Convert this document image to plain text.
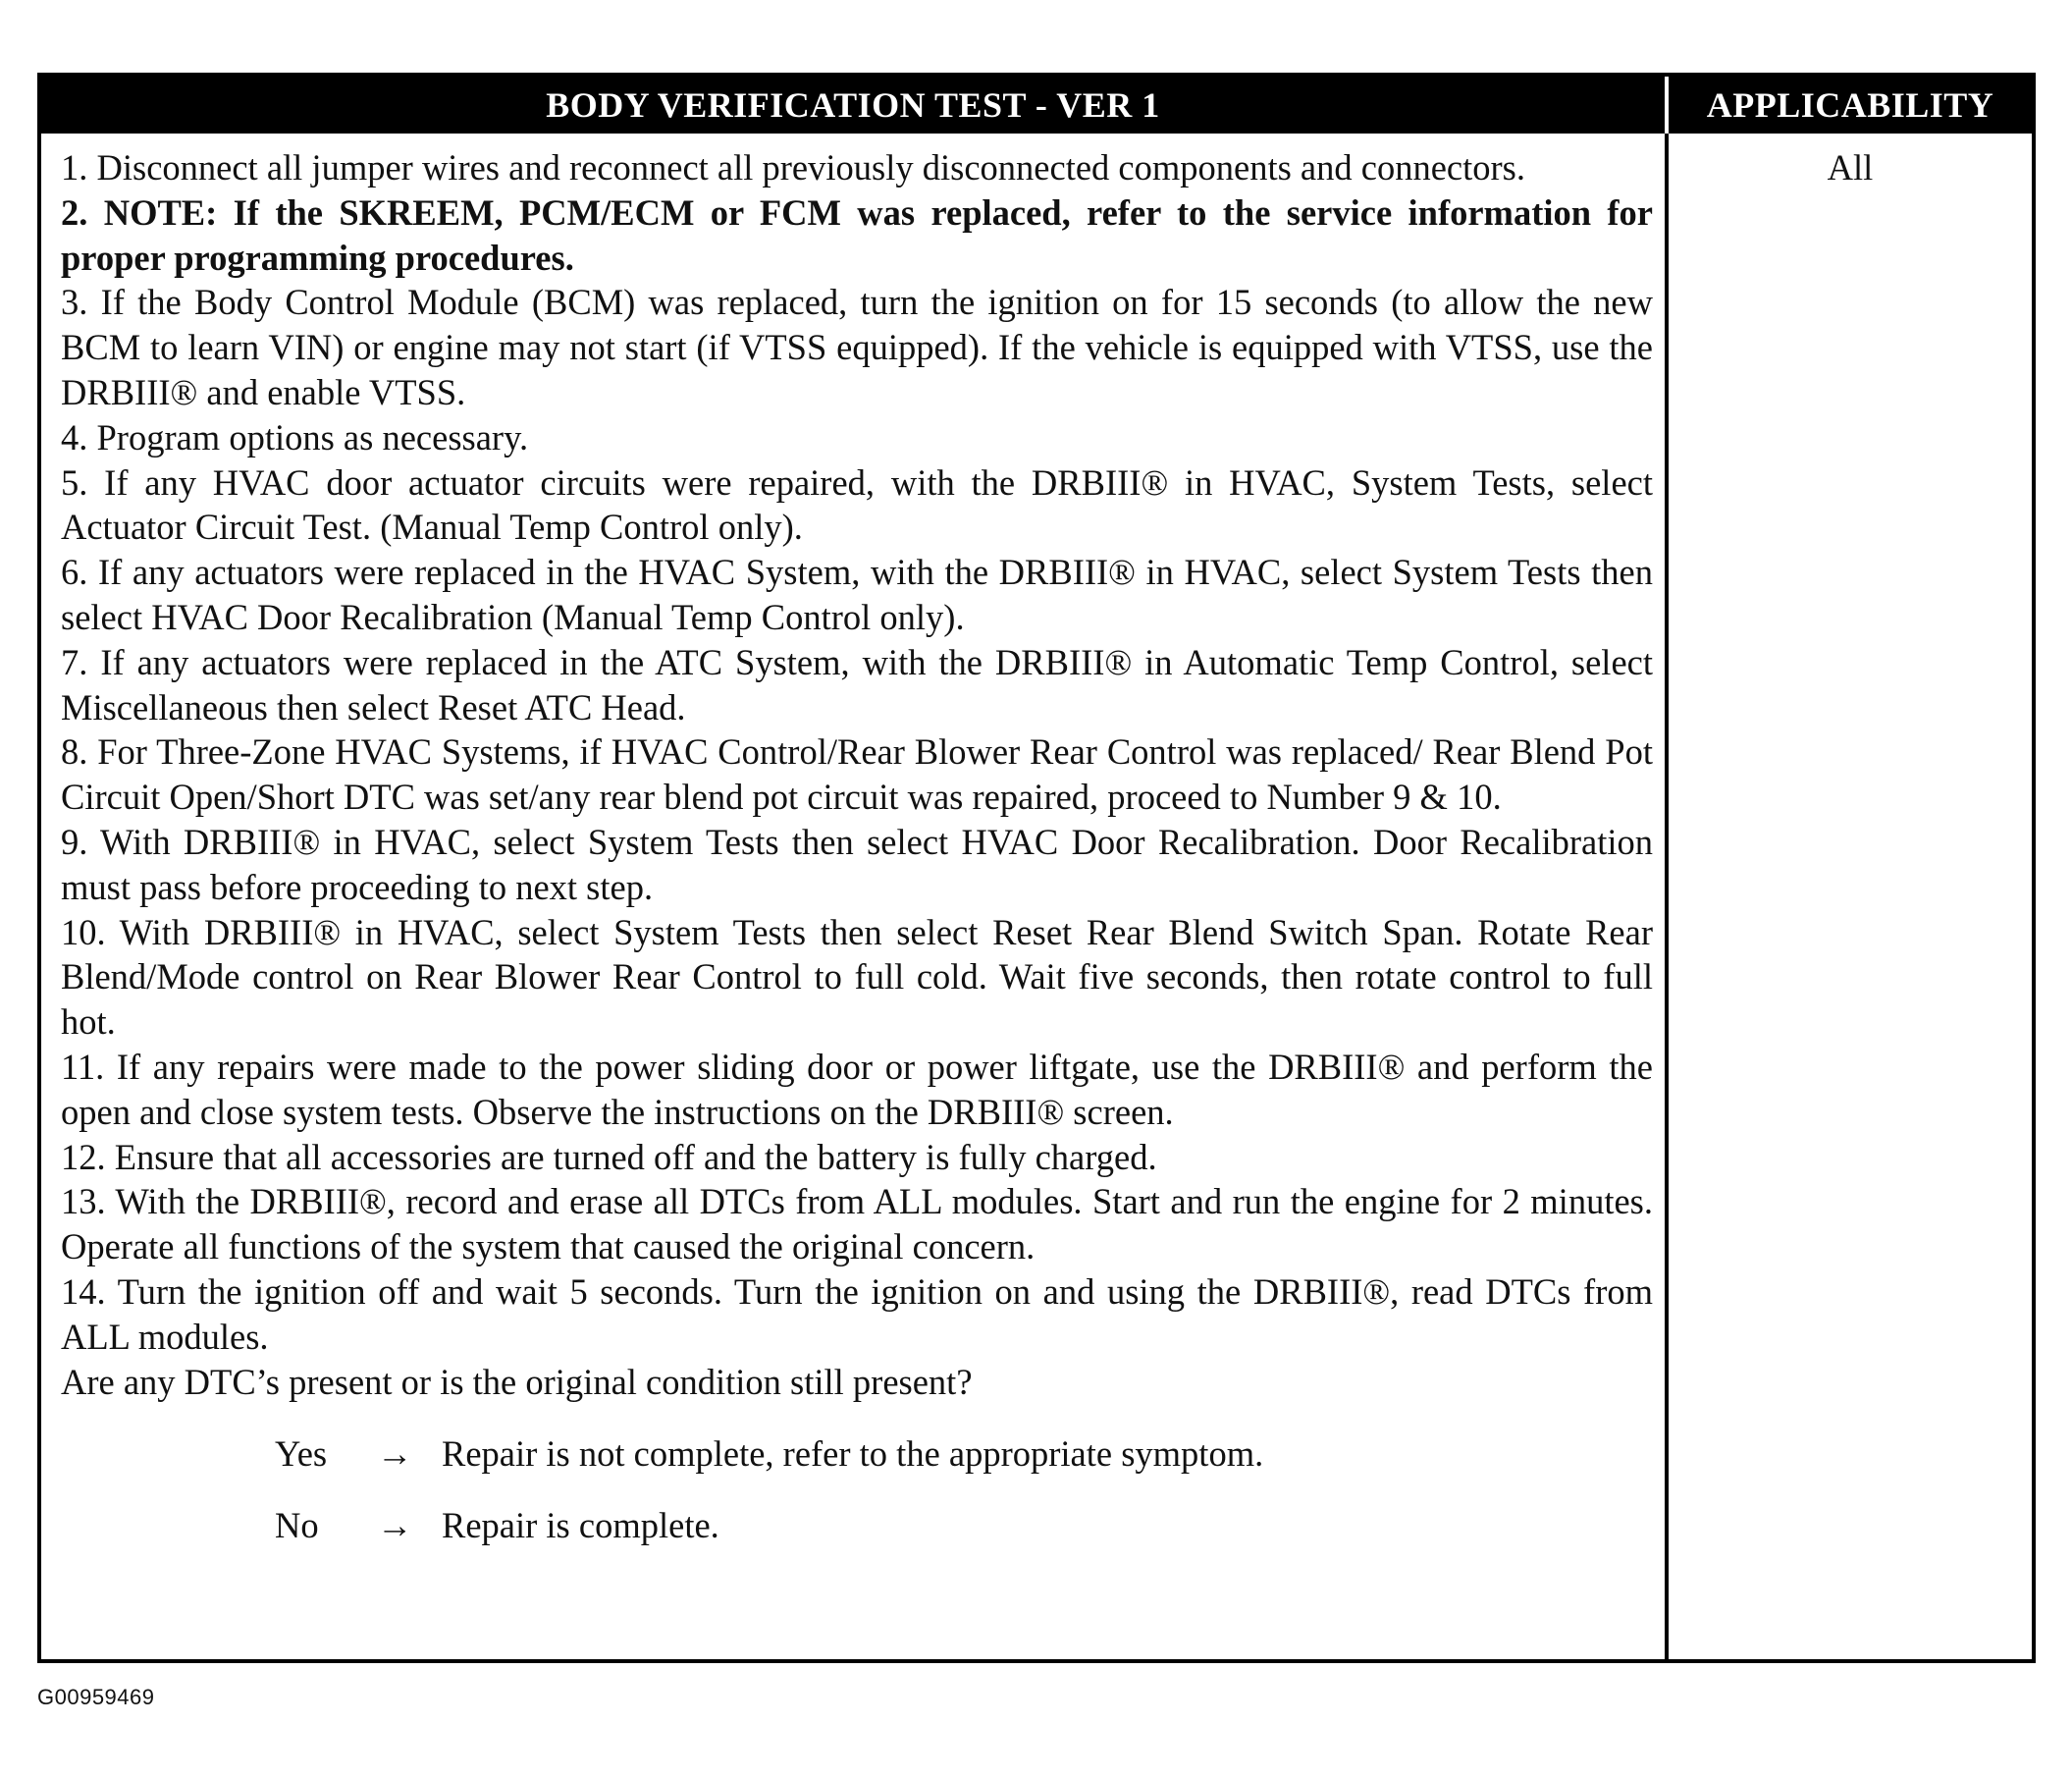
BODY VERIFICATION TEST - VER 1	APPLICABILITY

1. Disconnect all jumper wires and reconnect all previously disconnected components and connectors.

2. NOTE: If the SKREEM, PCM/ECM or FCM was replaced, refer to the service information for proper programming procedures.

3. If the Body Control Module (BCM) was replaced, turn the ignition on for 15 seconds (to allow the new BCM to learn VIN) or engine may not start (if VTSS equipped). If the vehicle is equipped with VTSS, use the DRBIII® and enable VTSS.

4. Program options as necessary.

5. If any HVAC door actuator circuits were repaired, with the DRBIII® in HVAC, System Tests, select Actuator Circuit Test. (Manual Temp Control only).

6. If any actuators were replaced in the HVAC System, with the DRBIII® in HVAC, select System Tests then select HVAC Door Recalibration (Manual Temp Control only).

7. If any actuators were replaced in the ATC System, with the DRBIII® in Automatic Temp Control, select Miscellaneous then select Reset ATC Head.

8. For Three-Zone HVAC Systems, if HVAC Control/Rear Blower Rear Control was replaced/ Rear Blend Pot Circuit Open/Short DTC was set/any rear blend pot circuit was repaired, proceed to Number 9 & 10.

9. With DRBIII® in HVAC, select System Tests then select HVAC Door Recalibration. Door Recalibration must pass before proceeding to next step.

10. With DRBIII® in HVAC, select System Tests then select Reset Rear Blend Switch Span. Rotate Rear Blend/Mode control on Rear Blower Rear Control to full cold. Wait five seconds, then rotate control to full hot.

11. If any repairs were made to the power sliding door or power liftgate, use the DRBIII® and perform the open and close system tests. Observe the instructions on the DRBIII® screen.

12. Ensure that all accessories are turned off and the battery is fully charged.

13. With the DRBIII®, record and erase all DTCs from ALL modules. Start and run the engine for 2 minutes. Operate all functions of the system that caused the original concern.

14. Turn the ignition off and wait 5 seconds. Turn the ignition on and using the DRBIII®, read DTCs from ALL modules.

Are any DTC’s present or is the original condition still present?

Yes	→ Repair is not complete, refer to the appropriate symptom.
No	→ Repair is complete.
All
G00959469
